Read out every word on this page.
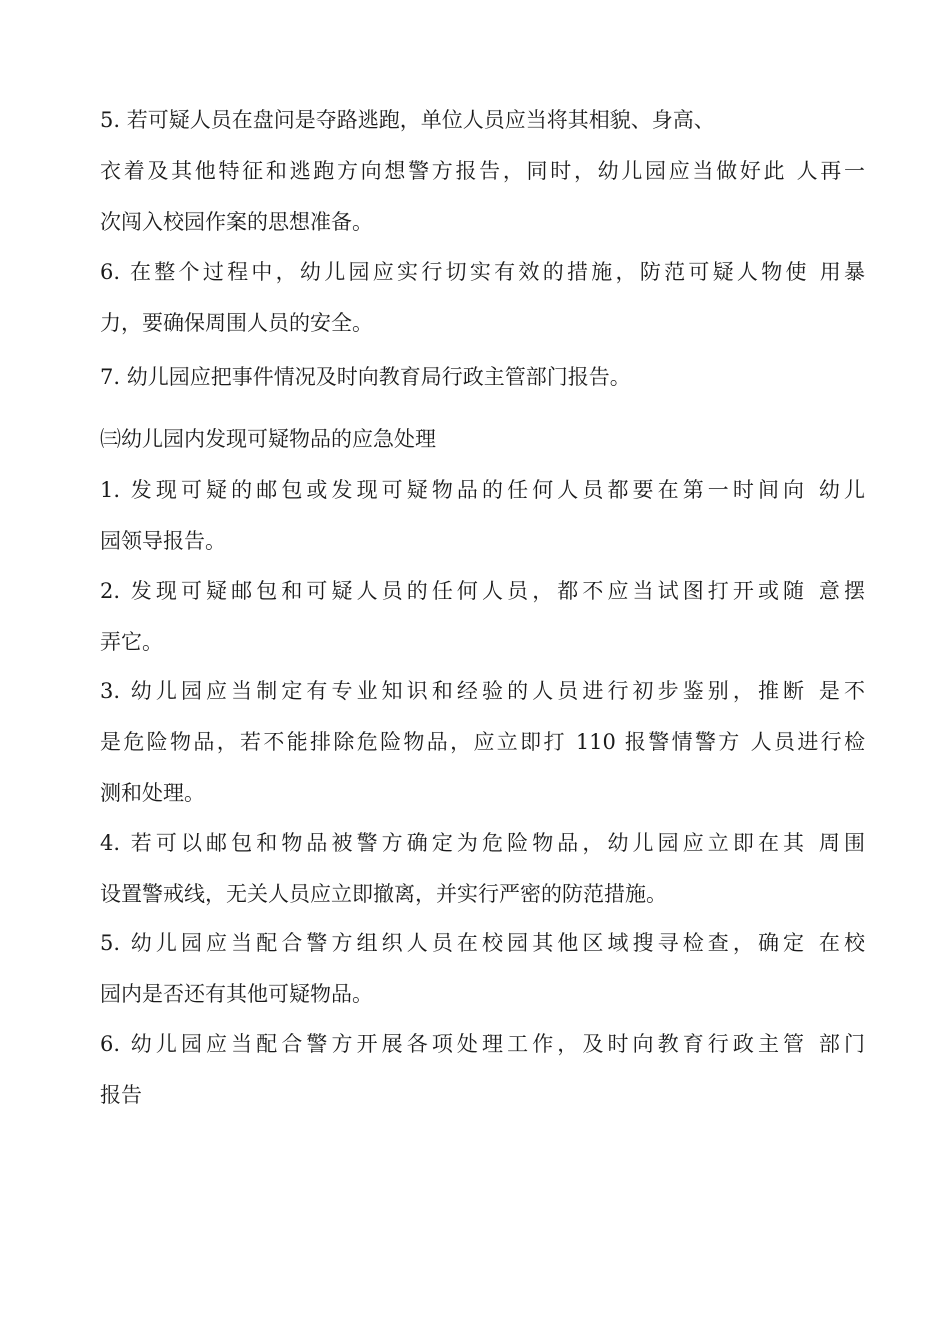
5. 若可疑人员在盘问是夺路逃跑，单位人员应当将其相貌、身高、
衣着及其他特征和逃跑方向想警方报告，同时，幼儿园应当做好此 人再一
次闯入校园作案的思想准备。
6. 在整个过程中，幼儿园应实行切实有效的措施，防范可疑人物使 用暴
力，要确保周围人员的安全。
7. 幼儿园应把事件情况及时向教育局行政主管部门报告。
㈢幼儿园内发现可疑物品的应急处理
1. 发现可疑的邮包或发现可疑物品的任何人员都要在第一时间向 幼儿
园领导报告。
2. 发现可疑邮包和可疑人员的任何人员，都不应当试图打开或随 意摆
弄它。
3. 幼儿园应当制定有专业知识和经验的人员进行初步鉴别，推断 是不
是危险物品，若不能排除危险物品，应立即打 110 报警情警方 人员进行检
测和处理。
4. 若可以邮包和物品被警方确定为危险物品，幼儿园应立即在其 周围
设置警戒线，无关人员应立即撤离，并实行严密的防范措施。
5. 幼儿园应当配合警方组织人员在校园其他区域搜寻检查，确定 在校
园内是否还有其他可疑物品。
6. 幼儿园应当配合警方开展各项处理工作，及时向教育行政主管 部门
报告
